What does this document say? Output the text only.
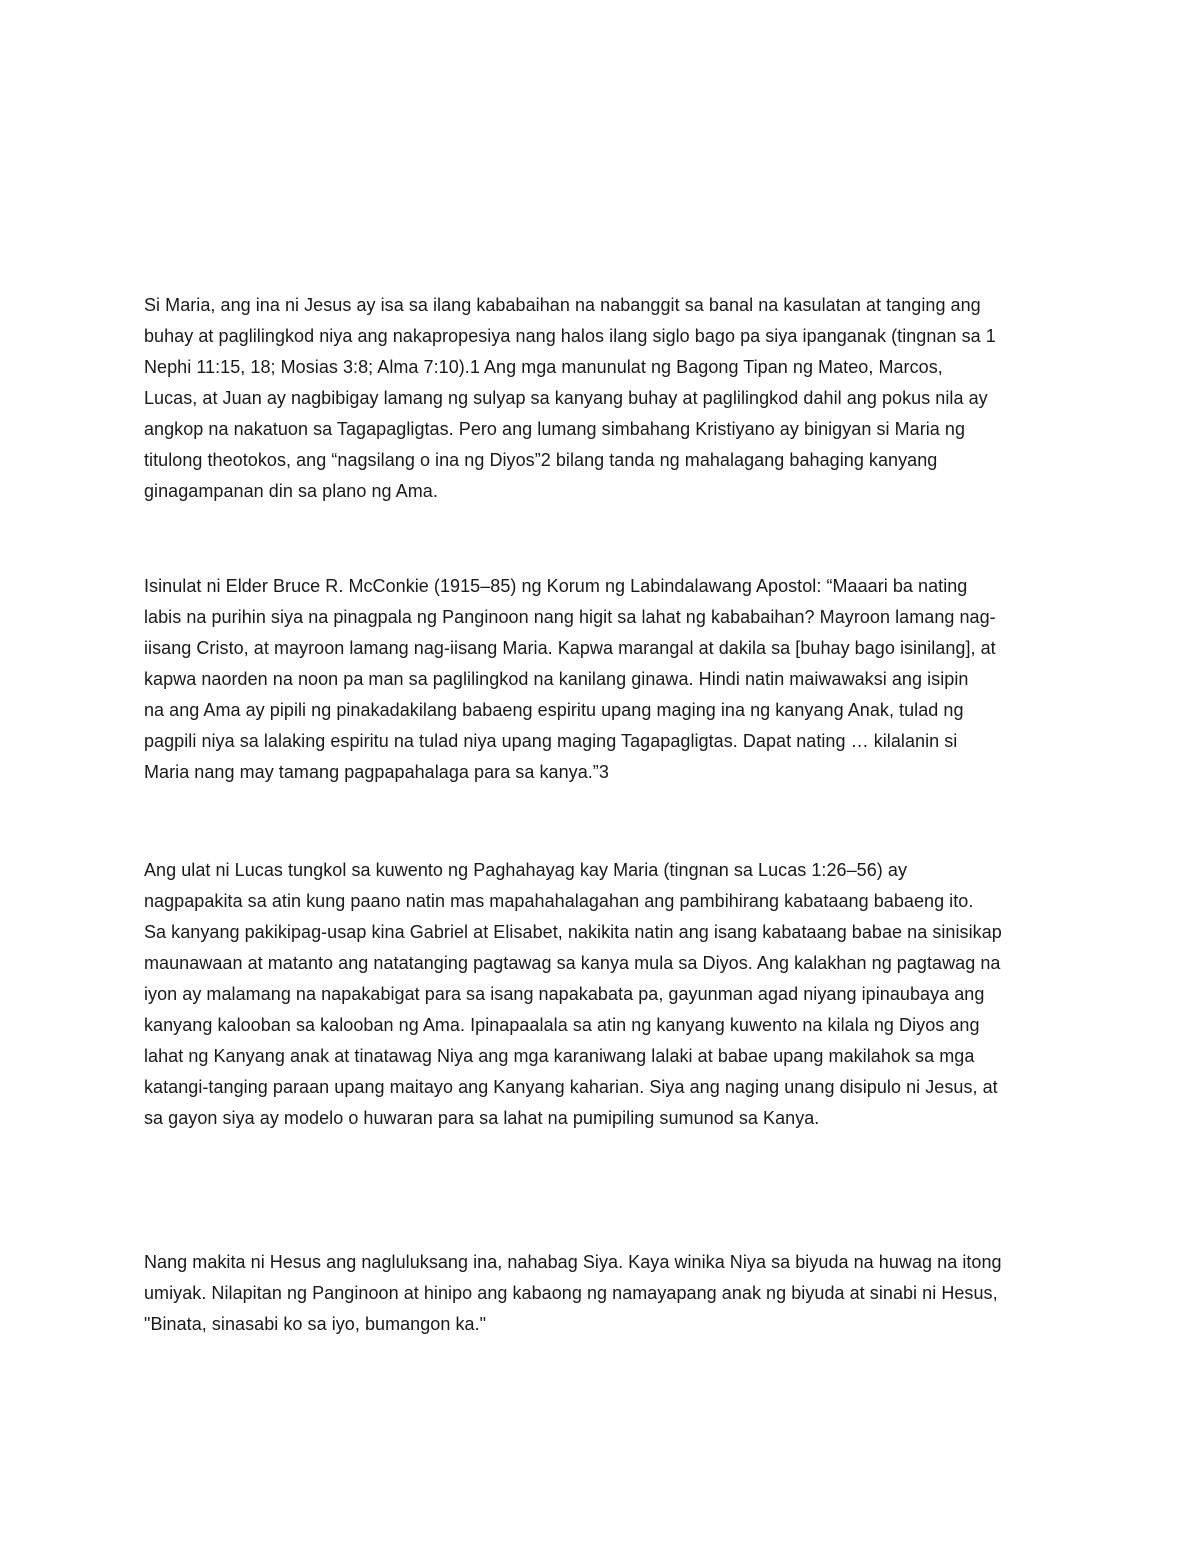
Si Maria, ang ina ni Jesus ay isa sa ilang kababaihan na nabanggit sa banal na kasulatan at tanging ang
buhay at paglilingkod niya ang nakapropesiya nang halos ilang siglo bago pa siya ipanganak (tingnan sa 1
Nephi 11:15, 18; Mosias 3:8; Alma 7:10).1 Ang mga manunulat ng Bagong Tipan ng Mateo, Marcos,
Lucas, at Juan ay nagbibigay lamang ng sulyap sa kanyang buhay at paglilingkod dahil ang pokus nila ay
angkop na nakatuon sa Tagapagligtas. Pero ang lumang simbahang Kristiyano ay binigyan si Maria ng
titulong theotokos, ang “nagsilang o ina ng Diyos”2 bilang tanda ng mahalagang bahaging kanyang
ginagampanan din sa plano ng Ama.

Isinulat ni Elder Bruce R. McConkie (1915–85) ng Korum ng Labindalawang Apostol: “Maaari ba nating
labis na purihin siya na pinagpala ng Panginoon nang higit sa lahat ng kababaihan? Mayroon lamang nag-
iisang Cristo, at mayroon lamang nag-iisang Maria. Kapwa marangal at dakila sa [buhay bago isinilang], at
kapwa naorden na noon pa man sa paglilingkod na kanilang ginawa. Hindi natin maiwawaksi ang isipin
na ang Ama ay pipili ng pinakadakilang babaeng espiritu upang maging ina ng kanyang Anak, tulad ng
pagpili niya sa lalaking espiritu na tulad niya upang maging Tagapagligtas. Dapat nating … kilalanin si
Maria nang may tamang pagpapahalaga para sa kanya.”3

Ang ulat ni Lucas tungkol sa kuwento ng Paghahayag kay Maria (tingnan sa Lucas 1:26–56) ay
nagpapakita sa atin kung paano natin mas mapahahalagahan ang pambihirang kabataang babaeng ito.
Sa kanyang pakikipag-usap kina Gabriel at Elisabet, nakikita natin ang isang kabataang babae na sinisikap
maunawaan at matanto ang natatanging pagtawag sa kanya mula sa Diyos. Ang kalakhan ng pagtawag na
iyon ay malamang na napakabigat para sa isang napakabata pa, gayunman agad niyang ipinaubaya ang
kanyang kalooban sa kalooban ng Ama. Ipinapaalala sa atin ng kanyang kuwento na kilala ng Diyos ang
lahat ng Kanyang anak at tinatawag Niya ang mga karaniwang lalaki at babae upang makilahok sa mga
katangi-tanging paraan upang maitayo ang Kanyang kaharian. Siya ang naging unang disipulo ni Jesus, at
sa gayon siya ay modelo o huwaran para sa lahat na pumipiling sumunod sa Kanya.

Nang makita ni Hesus ang nagluluksang ina, nahabag Siya. Kaya winika Niya sa biyuda na huwag na itong
umiyak. Nilapitan ng Panginoon at hinipo ang kabaong ng namayapang anak ng biyuda at sinabi ni Hesus,
"Binata, sinasabi ko sa iyo, bumangon ka."
